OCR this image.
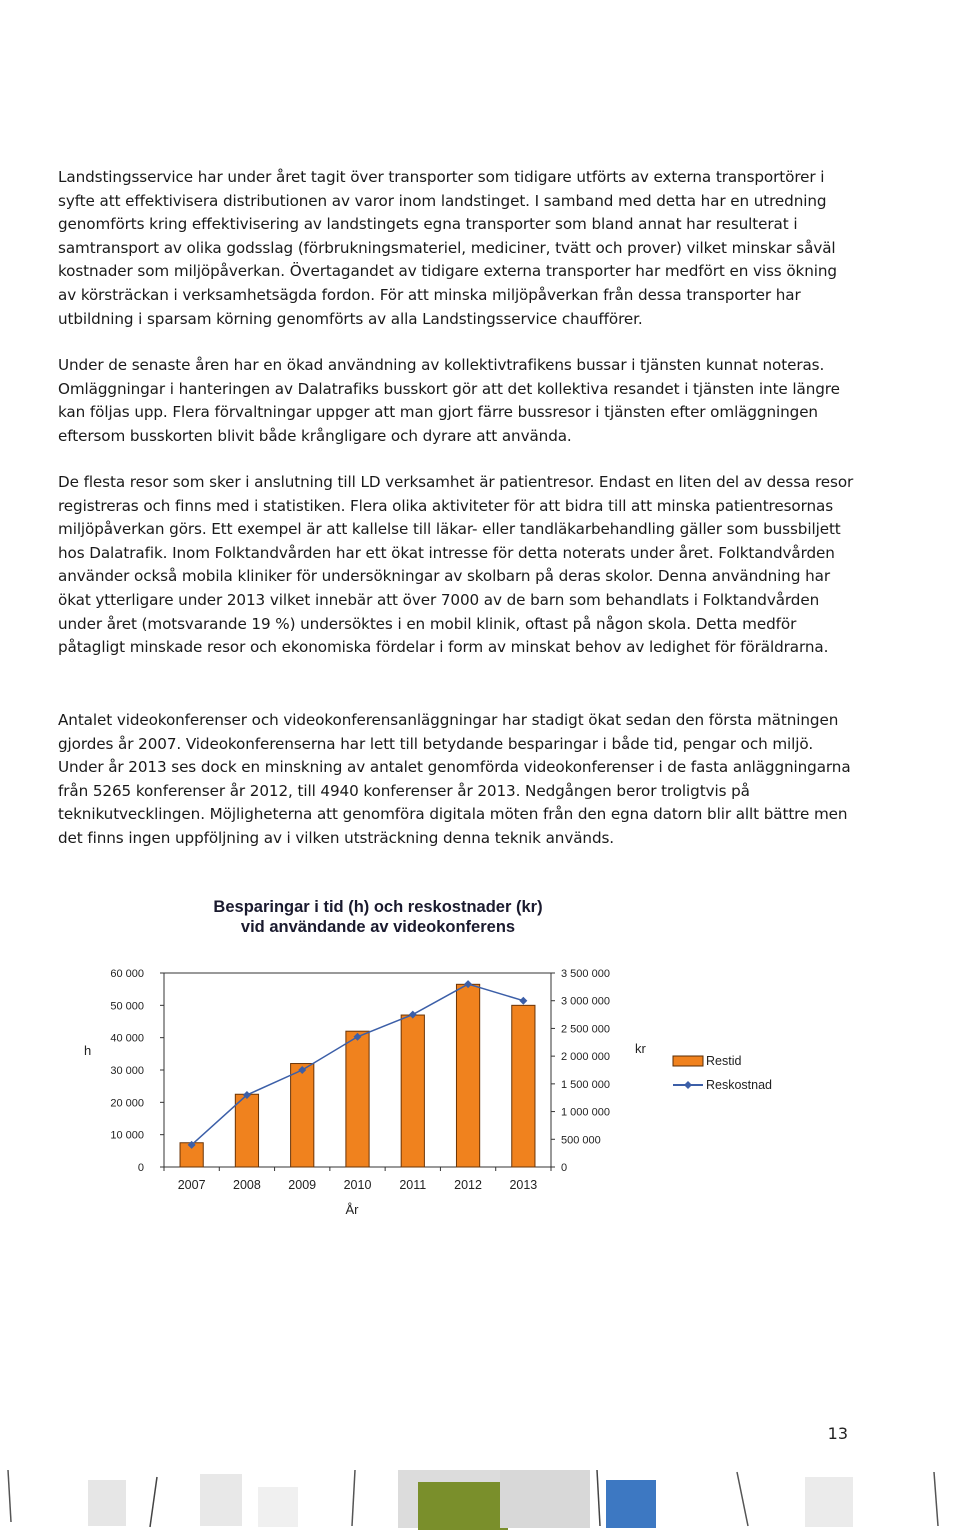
Landstingsservice har under året tagit över transporter som tidigare utförts av externa transportörer i syfte att effektivisera distributionen av varor inom landstinget. I samband med detta har en utredning genomförts kring effektivisering av landstingets egna transporter som bland annat har resulterat i samtransport av olika godsslag (förbrukningsmateriel, mediciner, tvätt och prover) vilket minskar såväl kostnader som miljöpåverkan. Övertagandet av tidigare externa transporter har medfört en viss ökning av körsträckan i verksamhetsägda fordon. För att minska miljöpåverkan från dessa transporter har utbildning i sparsam körning genomförts av alla Landstingsservice chaufförer.

Under de senaste åren har en ökad användning av kollektivtrafikens bussar i tjänsten kunnat noteras. Omläggningar i hanteringen av Dalatrafiks busskort gör att det kollektiva resandet i tjänsten inte längre kan följas upp. Flera förvaltningar uppger att man gjort färre bussresor i tjänsten efter omläggningen eftersom busskorten blivit både krångligare och dyrare att använda.

De flesta resor som sker i anslutning till LD verksamhet är patientresor. Endast en liten del av dessa resor registreras och finns med i statistiken. Flera olika aktiviteter för att bidra till att minska patientresornas miljöpåverkan görs. Ett exempel är att kallelse till läkar- eller tandläkarbehandling gäller som bussbiljett hos Dalatrafik. Inom Folktandvården har ett ökat intresse för detta noterats under året. Folktandvården använder också mobila kliniker för undersökningar av skolbarn på deras skolor. Denna användning har ökat ytterligare under 2013 vilket innebär att över 7000 av de barn som behandlats i Folktandvården under året (motsvarande 19 %) undersöktes i en mobil klinik, oftast på någon skola. Detta medför påtagligt minskade resor och ekonomiska fördelar i form av minskat behov av ledighet för föräldrarna.

Antalet videokonferenser och videokonferensanläggningar har stadigt ökat sedan den första mätningen gjordes år 2007. Videokonferenserna har lett till betydande besparingar i både tid, pengar och miljö. Under år 2013 ses dock en minskning av antalet genomförda videokonferenser i de fasta anläggningarna från 5265 konferenser år 2012, till 4940 konferenser år 2013. Nedgången beror troligtvis på teknikutvecklingen. Möjligheterna att genomföra digitala möten från den egna datorn blir allt bättre men det finns ingen uppföljning av i vilken utsträckning denna teknik används.

Besparingar i tid (h) och reskostnader (kr)
vid användande av videokonferens
h	kr
År
0
10 000
20 000
30 000
40 000
50 000
60 000
0
500 000
1 000 000
1 500 000
2 000 000
2 500 000
3 000 000
3 500 000
2007 2008 2009 2010 2011 2012 2013
Restid
Reskostnad
13
